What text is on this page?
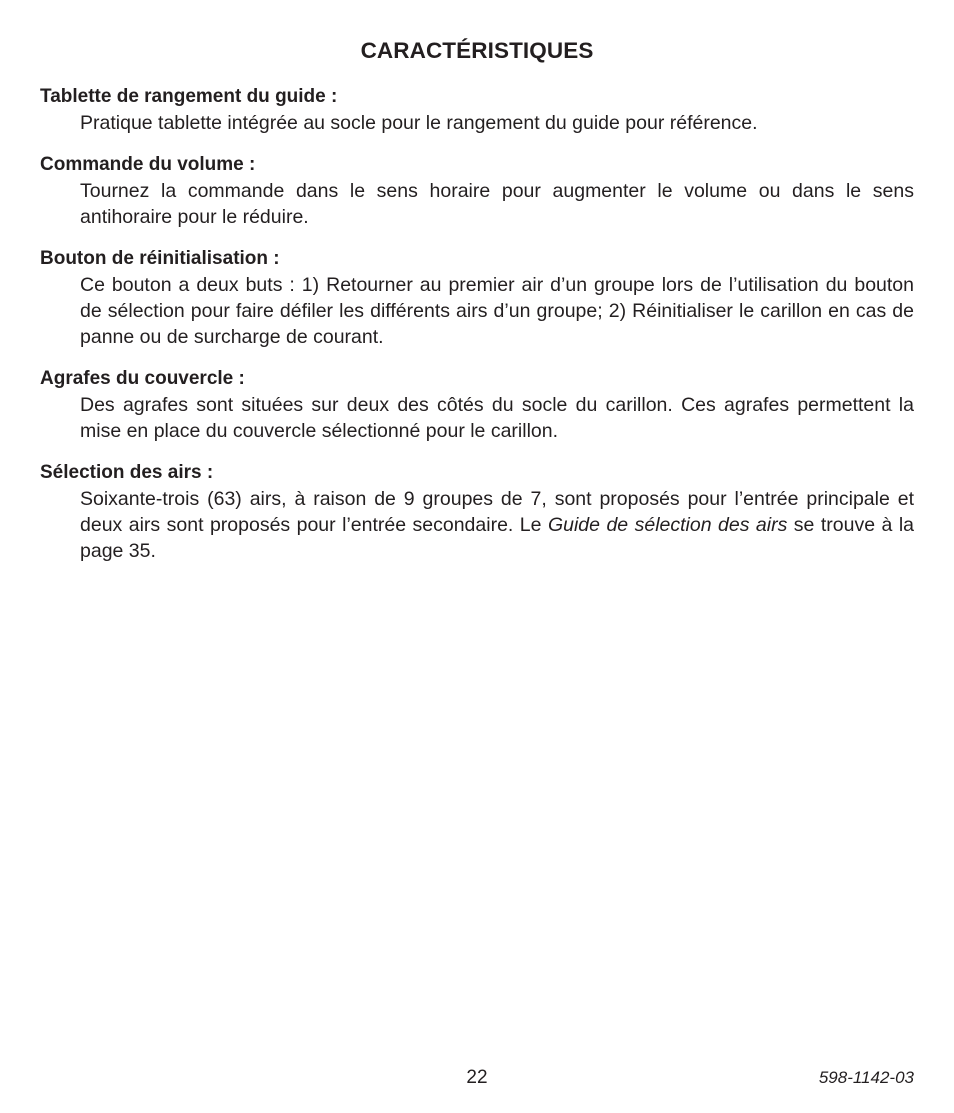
CARACTÉRISTIQUES

Tablette de rangement du guide :

Pratique tablette intégrée au socle pour le rangement du guide pour référence.

Commande du volume :

Tournez la commande dans le sens horaire pour augmenter le volume ou dans le sens antihoraire pour le réduire.

Bouton de réinitialisation :

Ce bouton a deux buts : 1) Retourner au premier air d’un groupe lors de l’utilisation du bouton de sélection pour faire défiler les différents airs d’un groupe; 2) Réinitialiser le carillon en cas de panne ou de surcharge de courant.

Agrafes du couvercle :

Des agrafes sont situées sur deux des côtés du socle du carillon. Ces agrafes permettent la mise en place du couvercle sélectionné pour le carillon.

Sélection des airs :

Soixante-trois (63) airs, à raison de 9 groupes de 7, sont proposés pour l’entrée principale et deux airs sont proposés pour l’entrée secondaire. Le Guide de sélection des airs se trouve à la page 35.

22	598-1142-03
